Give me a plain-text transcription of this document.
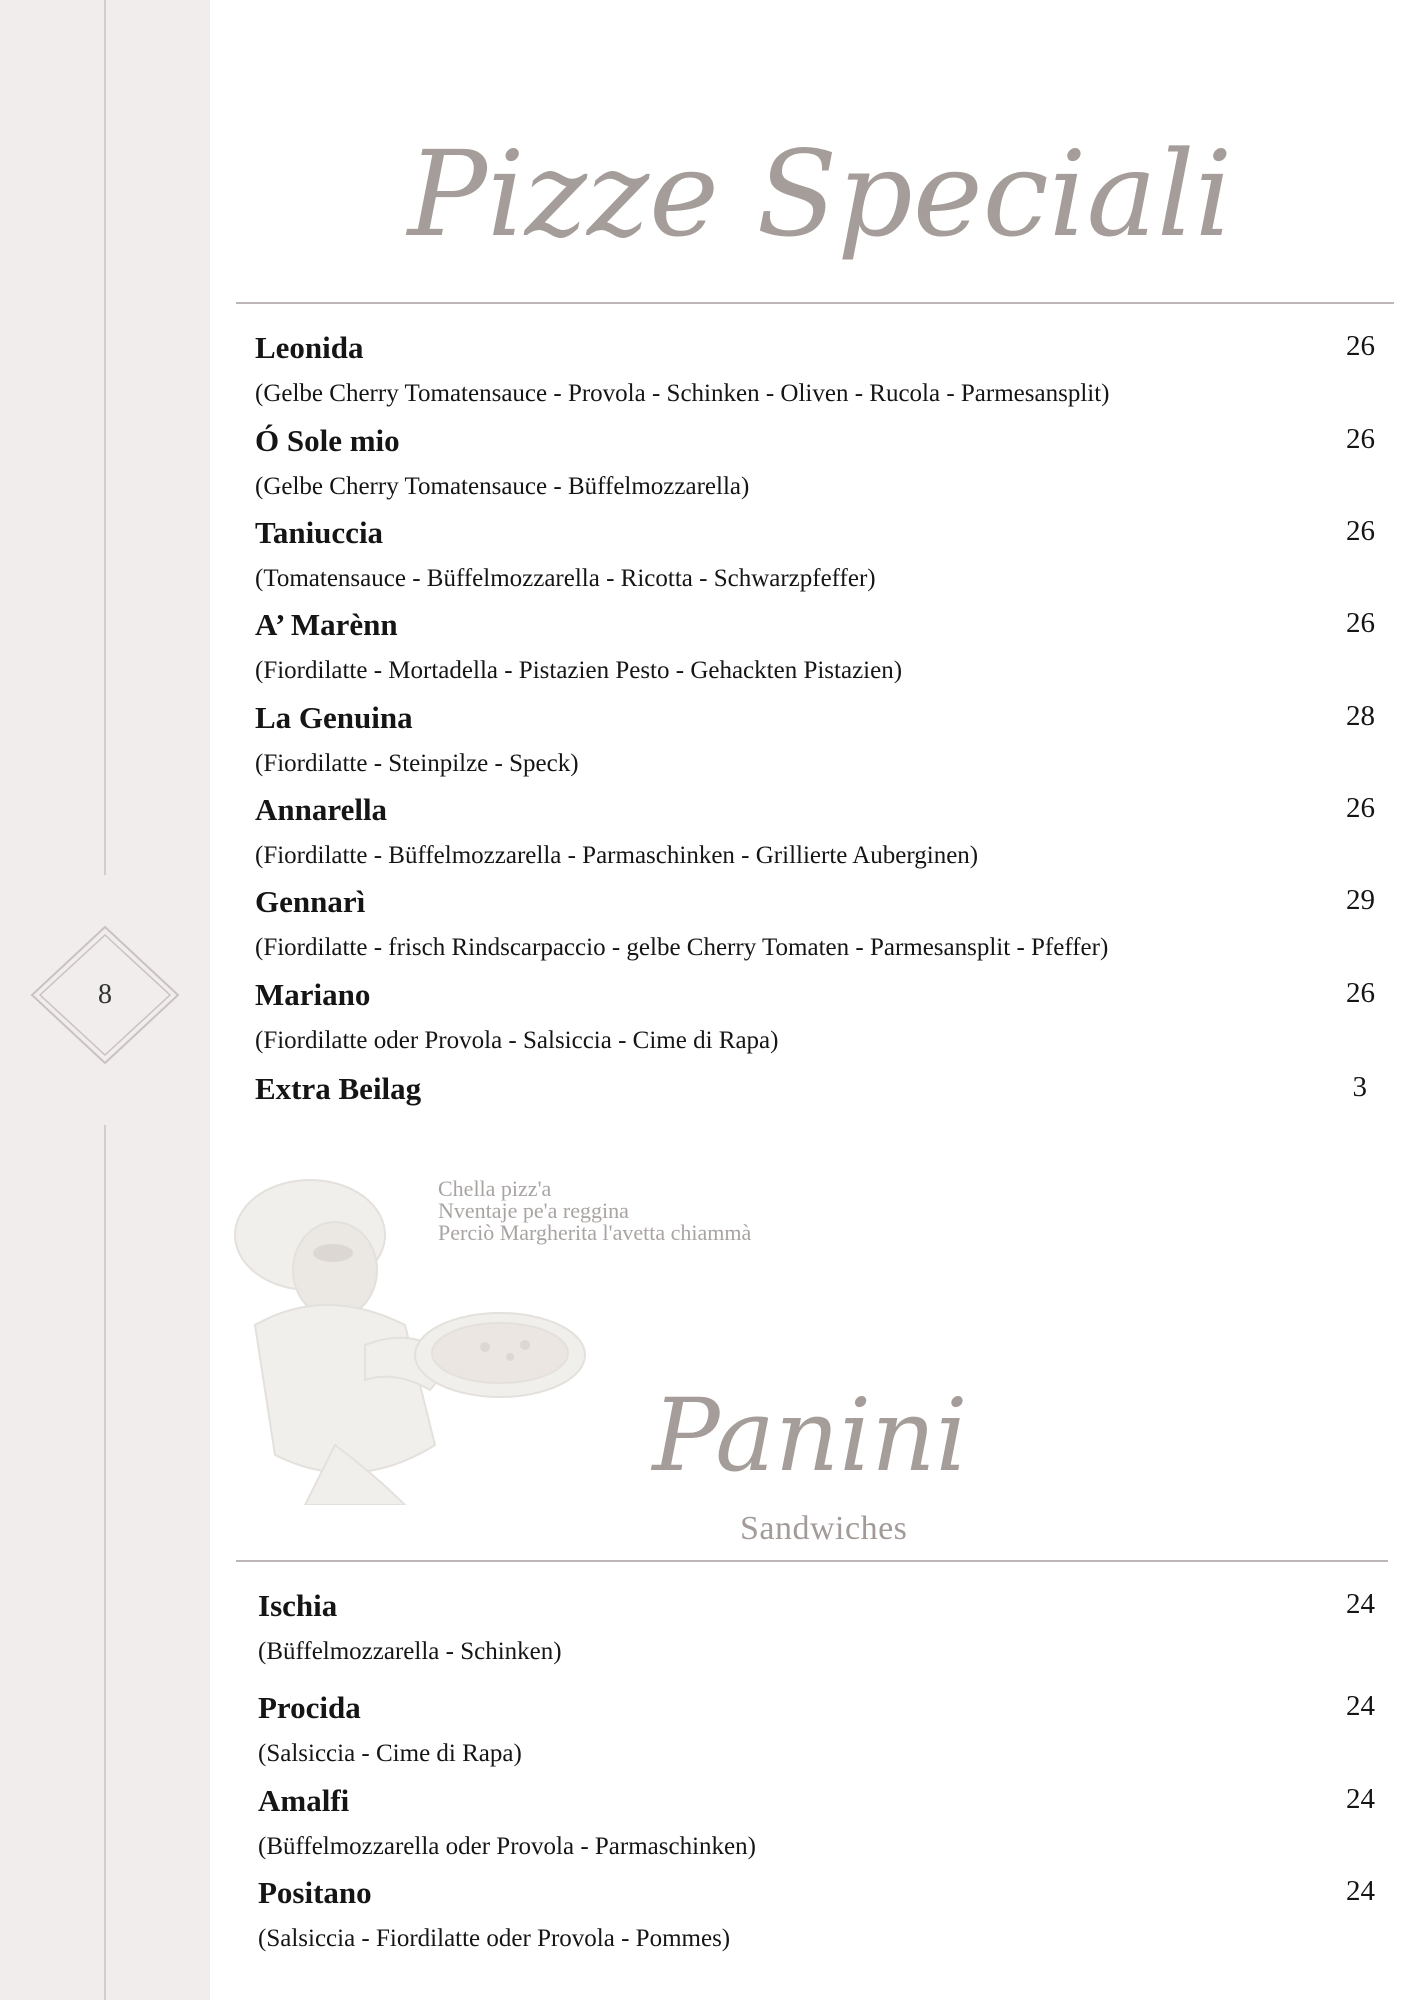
8
Pizze Speciali
Leonida
(Gelbe Cherry Tomatensauce - Provola - Schinken - Oliven - Rucola - Parmesansplit)
26
Ó Sole mio
(Gelbe Cherry Tomatensauce - Büffelmozzarella)
26
Taniuccia
(Tomatensauce - Büffelmozzarella - Ricotta - Schwarzpfeffer)
26
A’ Marènn
(Fiordilatte - Mortadella - Pistazien Pesto - Gehackten Pistazien)
26
La Genuina
(Fiordilatte - Steinpilze - Speck)
28
Annarella
(Fiordilatte - Büffelmozzarella - Parmaschinken - Grillierte Auberginen)
26
Gennarì
(Fiordilatte - frisch Rindscarpaccio - gelbe Cherry Tomaten - Parmesansplit - Pfeffer)
29
Mariano
(Fiordilatte oder Provola - Salsiccia - Cime di Rapa)
26
Extra Beilag	3
Chella pizz'a
Nventaje pe'a reggina
Perciò Margherita l'avetta chiammà
Panini
Sandwiches
Ischia
(Büffelmozzarella - Schinken)
24
Procida
(Salsiccia - Cime di Rapa)
24
Amalfi
(Büffelmozzarella oder Provola - Parmaschinken)
24
Positano
(Salsiccia - Fiordilatte oder Provola - Pommes)
24
